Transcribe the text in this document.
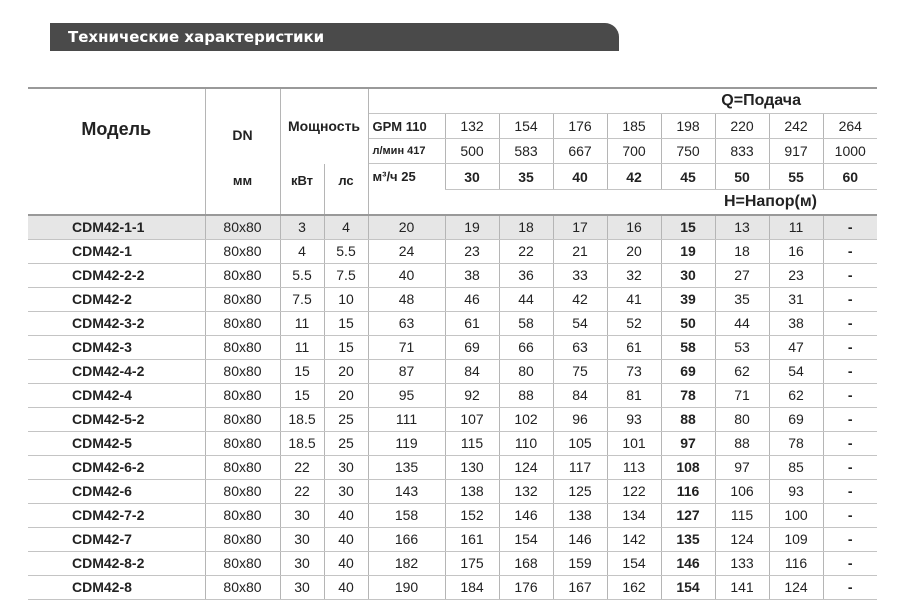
Технические характеристики
Модель	DN	Мощность		Q=Подача								
				GPM 110	132	154	176	185	198	220	242	264
				л/мин 417	500	583	667	700	750	833	917	1000
	мм	кВт	лс	м³/ч 25	30	35	40	42	45	50	55	60
				H=Напор(м)								
CDM42-1-1	80x80	3	4	20	19	18	17	16	15	13	11	-
CDM42-1	80x80	4	5.5	24	23	22	21	20	19	18	16	-
CDM42-2-2	80x80	5.5	7.5	40	38	36	33	32	30	27	23	-
CDM42-2	80x80	7.5	10	48	46	44	42	41	39	35	31	-
CDM42-3-2	80x80	11	15	63	61	58	54	52	50	44	38	-
CDM42-3	80x80	11	15	71	69	66	63	61	58	53	47	-
CDM42-4-2	80x80	15	20	87	84	80	75	73	69	62	54	-
CDM42-4	80x80	15	20	95	92	88	84	81	78	71	62	-
CDM42-5-2	80x80	18.5	25	111	107	102	96	93	88	80	69	-
CDM42-5	80x80	18.5	25	119	115	110	105	101	97	88	78	-
CDM42-6-2	80x80	22	30	135	130	124	117	113	108	97	85	-
CDM42-6	80x80	22	30	143	138	132	125	122	116	106	93	-
CDM42-7-2	80x80	30	40	158	152	146	138	134	127	115	100	-
CDM42-7	80x80	30	40	166	161	154	146	142	135	124	109	-
CDM42-8-2	80x80	30	40	182	175	168	159	154	146	133	116	-
CDM42-8	80x80	30	40	190	184	176	167	162	154	141	124	-
